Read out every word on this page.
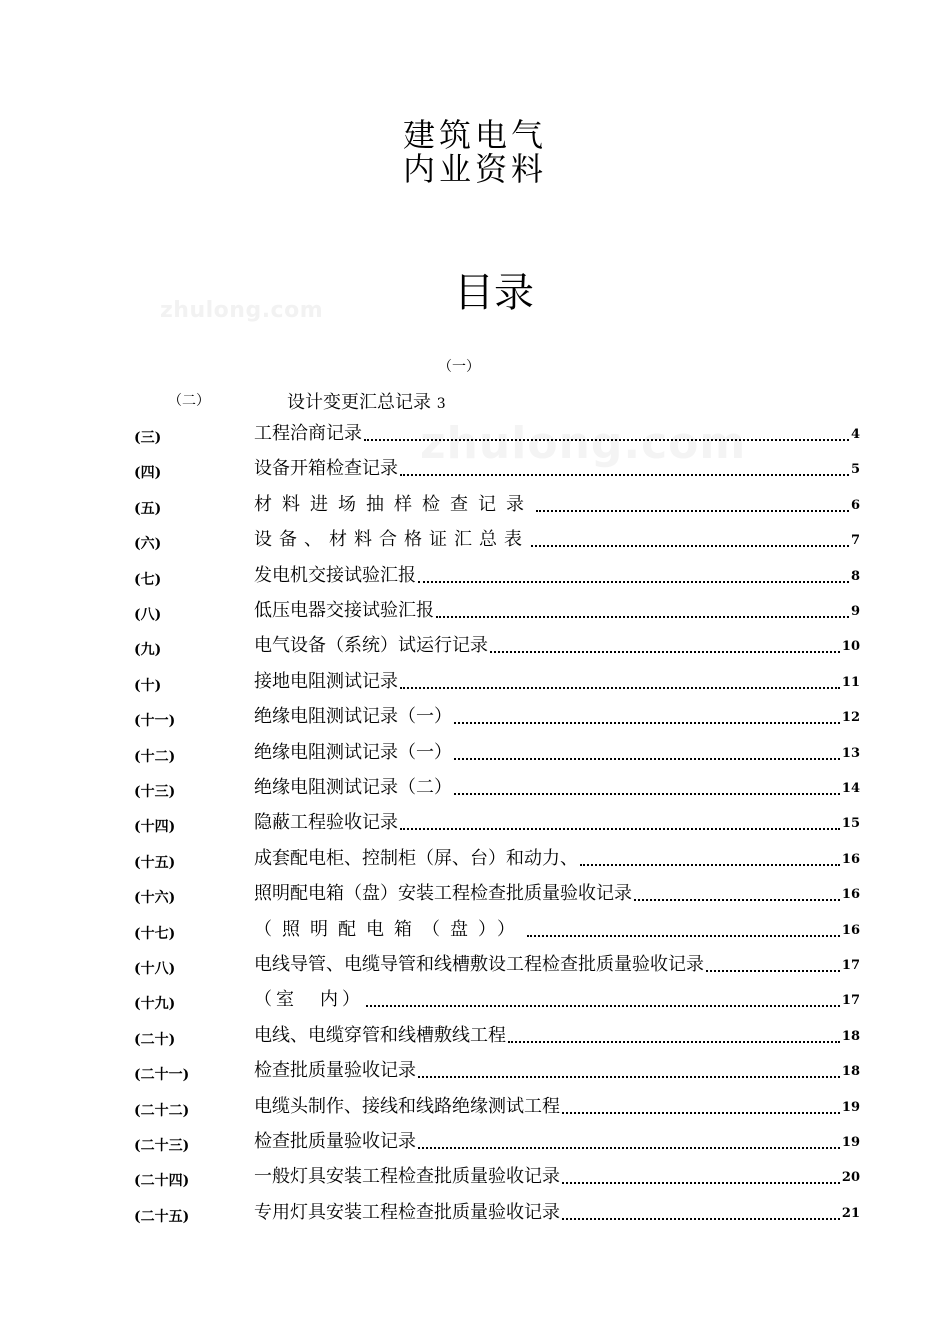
zhulong.com
zhulong.com
建筑电气
内业资料
目录
（一）
（二）	设计变更汇总记录 3
(三)	工程洽商记录	4
(四)	设备开箱检查记录	5
(五)	材料进场抽样检查记录	6
(六)	设备、材料合格证汇总表	7
(七)	发电机交接试验汇报	8
(八)	低压电器交接试验汇报	9
(九)	电气设备（系统）试运行记录	10
(十)	接地电阻测试记录	11
(十一)	绝缘电阻测试记录（一）	12
(十二)	绝缘电阻测试记录（一）	13
(十三)	绝缘电阻测试记录（二）	14
(十四)	隐蔽工程验收记录	15
(十五)	成套配电柜、控制柜（屏、台）和动力、	16
(十六)	照明配电箱（盘）安装工程检查批质量验收记录	16
(十七)	（照明配电箱（盘））	16
(十八)	电线导管、电缆导管和线槽敷设工程检查批质量验收记录	17
(十九)	（室　内）	17
(二十)	电线、电缆穿管和线槽敷线工程	18
(二十一)	检查批质量验收记录	18
(二十二)	电缆头制作、接线和线路绝缘测试工程	19
(二十三)	检查批质量验收记录	19
(二十四)	一般灯具安装工程检查批质量验收记录	20
(二十五)	专用灯具安装工程检查批质量验收记录	21
